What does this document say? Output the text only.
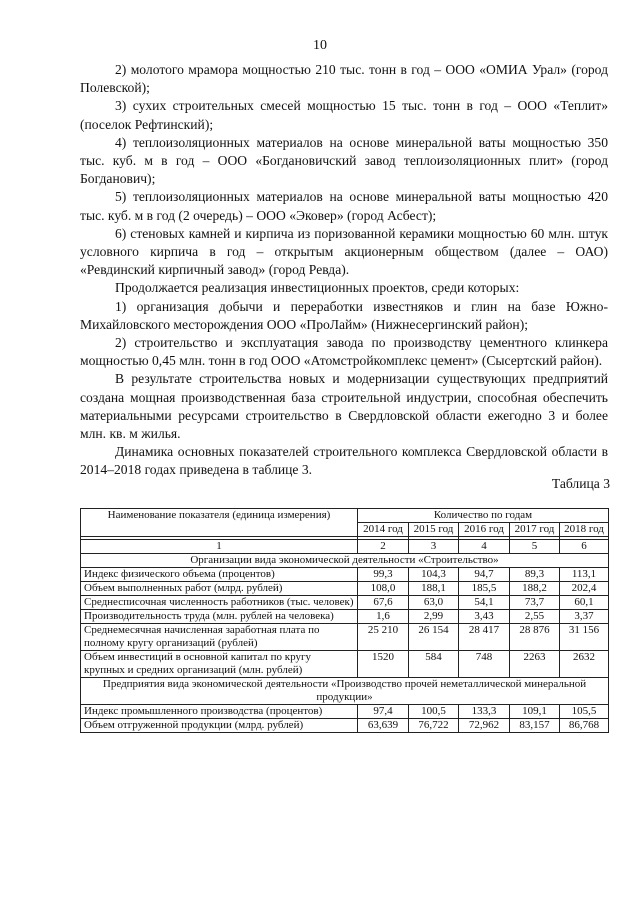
10

2) молотого мрамора мощностью 210 тыс. тонн в год – ООО «ОМИА Урал» (город Полевской);

3) сухих строительных смесей мощностью 15 тыс. тонн в год – ООО «Теплит» (поселок Рефтинский);

4) теплоизоляционных материалов на основе минеральной ваты мощностью 350 тыс. куб. м в год – ООО «Богдановичский завод теплоизоляционных плит» (город Богданович);

5) теплоизоляционных материалов на основе минеральной ваты мощностью 420 тыс. куб. м в год (2 очередь) – ООО «Эковер» (город Асбест);

6) стеновых камней и кирпича из поризованной керамики мощностью 60 млн. штук условного кирпича в год – открытым акционерным обществом (далее – ОАО) «Ревдинский кирпичный завод» (город Ревда).

Продолжается реализация инвестиционных проектов, среди которых:

1) организация добычи и переработки известняков и глин на базе Южно-Михайловского месторождения ООО «ПроЛайм» (Нижнесергинский район);

2) строительство и эксплуатация завода по производству цементного клинкера мощностью 0,45 млн. тонн в год ООО «Атомстройкомплекс цемент» (Сысертский район).

В результате строительства новых и модернизации существующих предприятий создана мощная производственная база строительной индустрии, способная обеспечить материальными ресурсами строительство в Свердловской области ежегодно 3 и более млн. кв. м жилья.

Динамика основных показателей строительного комплекса Свердловской области в 2014–2018 годах приведена в таблице 3.

Таблица 3
Наименование показателя (единица измерения)	Количество по годам				
	2014 год	2015 год	2016 год	2017 год	2018 год

1	2	3	4	5	6
Организации вида экономической деятельности «Строительство»					
Индекс физического объема (процентов)	99,3	104,3	94,7	89,3	113,1
Объем выполненных работ (млрд. рублей)	108,0	188,1	185,5	188,2	202,4
Среднесписочная численность работников (тыс. человек)	67,6	63,0	54,1	73,7	60,1
Производительность труда (млн. рублей на человека)	1,6	2,99	3,43	2,55	3,37
Среднемесячная начисленная заработная плата по полному кругу организаций (рублей)	25 210	26 154	28 417	28 876	31 156
Объем инвестиций в основной капитал по кругу крупных и средних организаций (млн. рублей)	1520	584	748	2263	2632
Предприятия вида экономической деятельности «Производство прочей неметаллической минеральной продукции»					
Индекс промышленного производства (процентов)	97,4	100,5	133,3	109,1	105,5
Объем отгруженной продукции (млрд. рублей)	63,639	76,722	72,962	83,157	86,768
